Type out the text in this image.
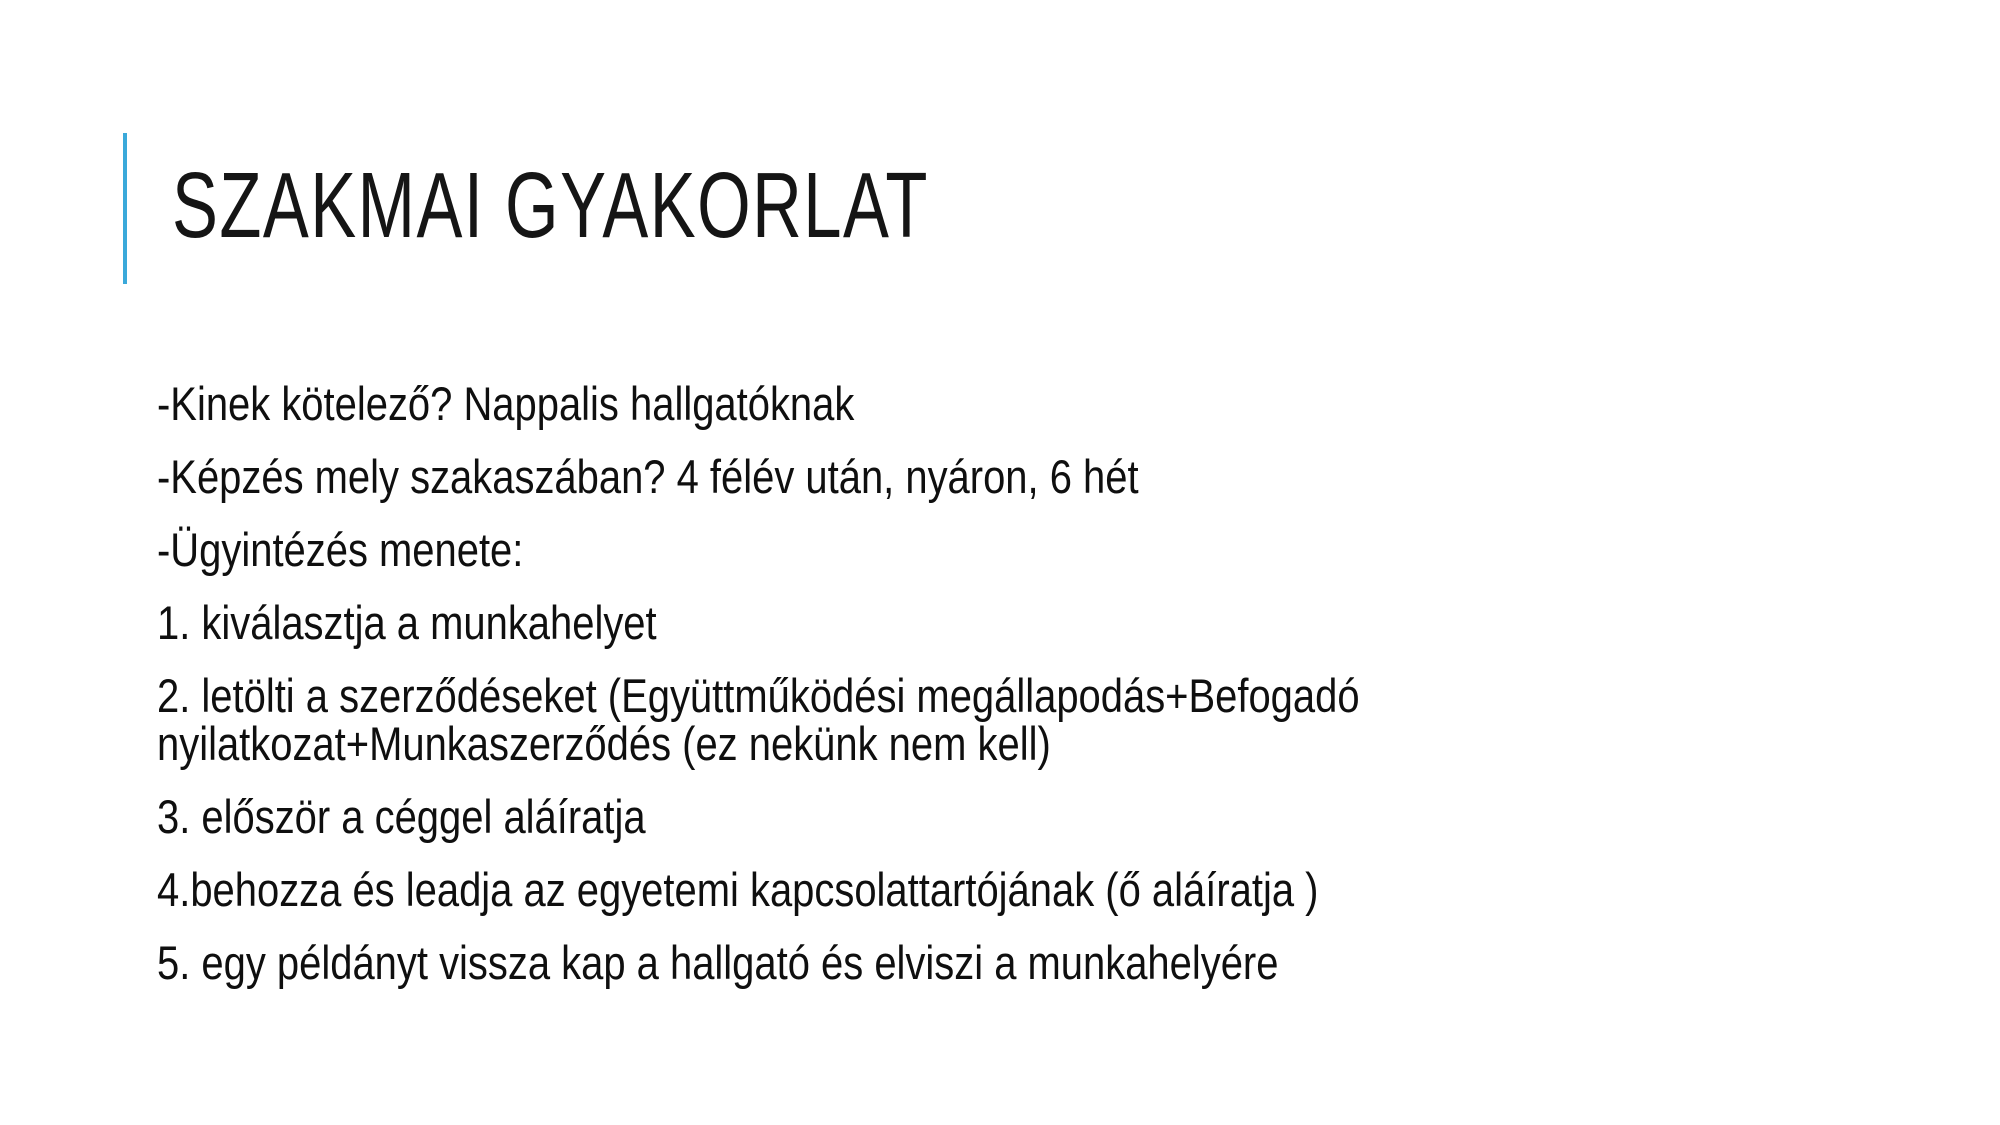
SZAKMAI GYAKORLAT

-Kinek kötelező? Nappalis hallgatóknak

-Képzés mely szakaszában? 4 félév után, nyáron, 6 hét

-Ügyintézés menete:

1. kiválasztja a munkahelyet

2. letölti a szerződéseket (Együttműködési megállapodás+Befogadó nyilatkozat+Munkaszerződés (ez nekünk nem kell)

3. először a céggel aláíratja

4.behozza és leadja az egyetemi kapcsolattartójának (ő aláíratja )

5. egy példányt vissza kap a hallgató és elviszi a munkahelyére
